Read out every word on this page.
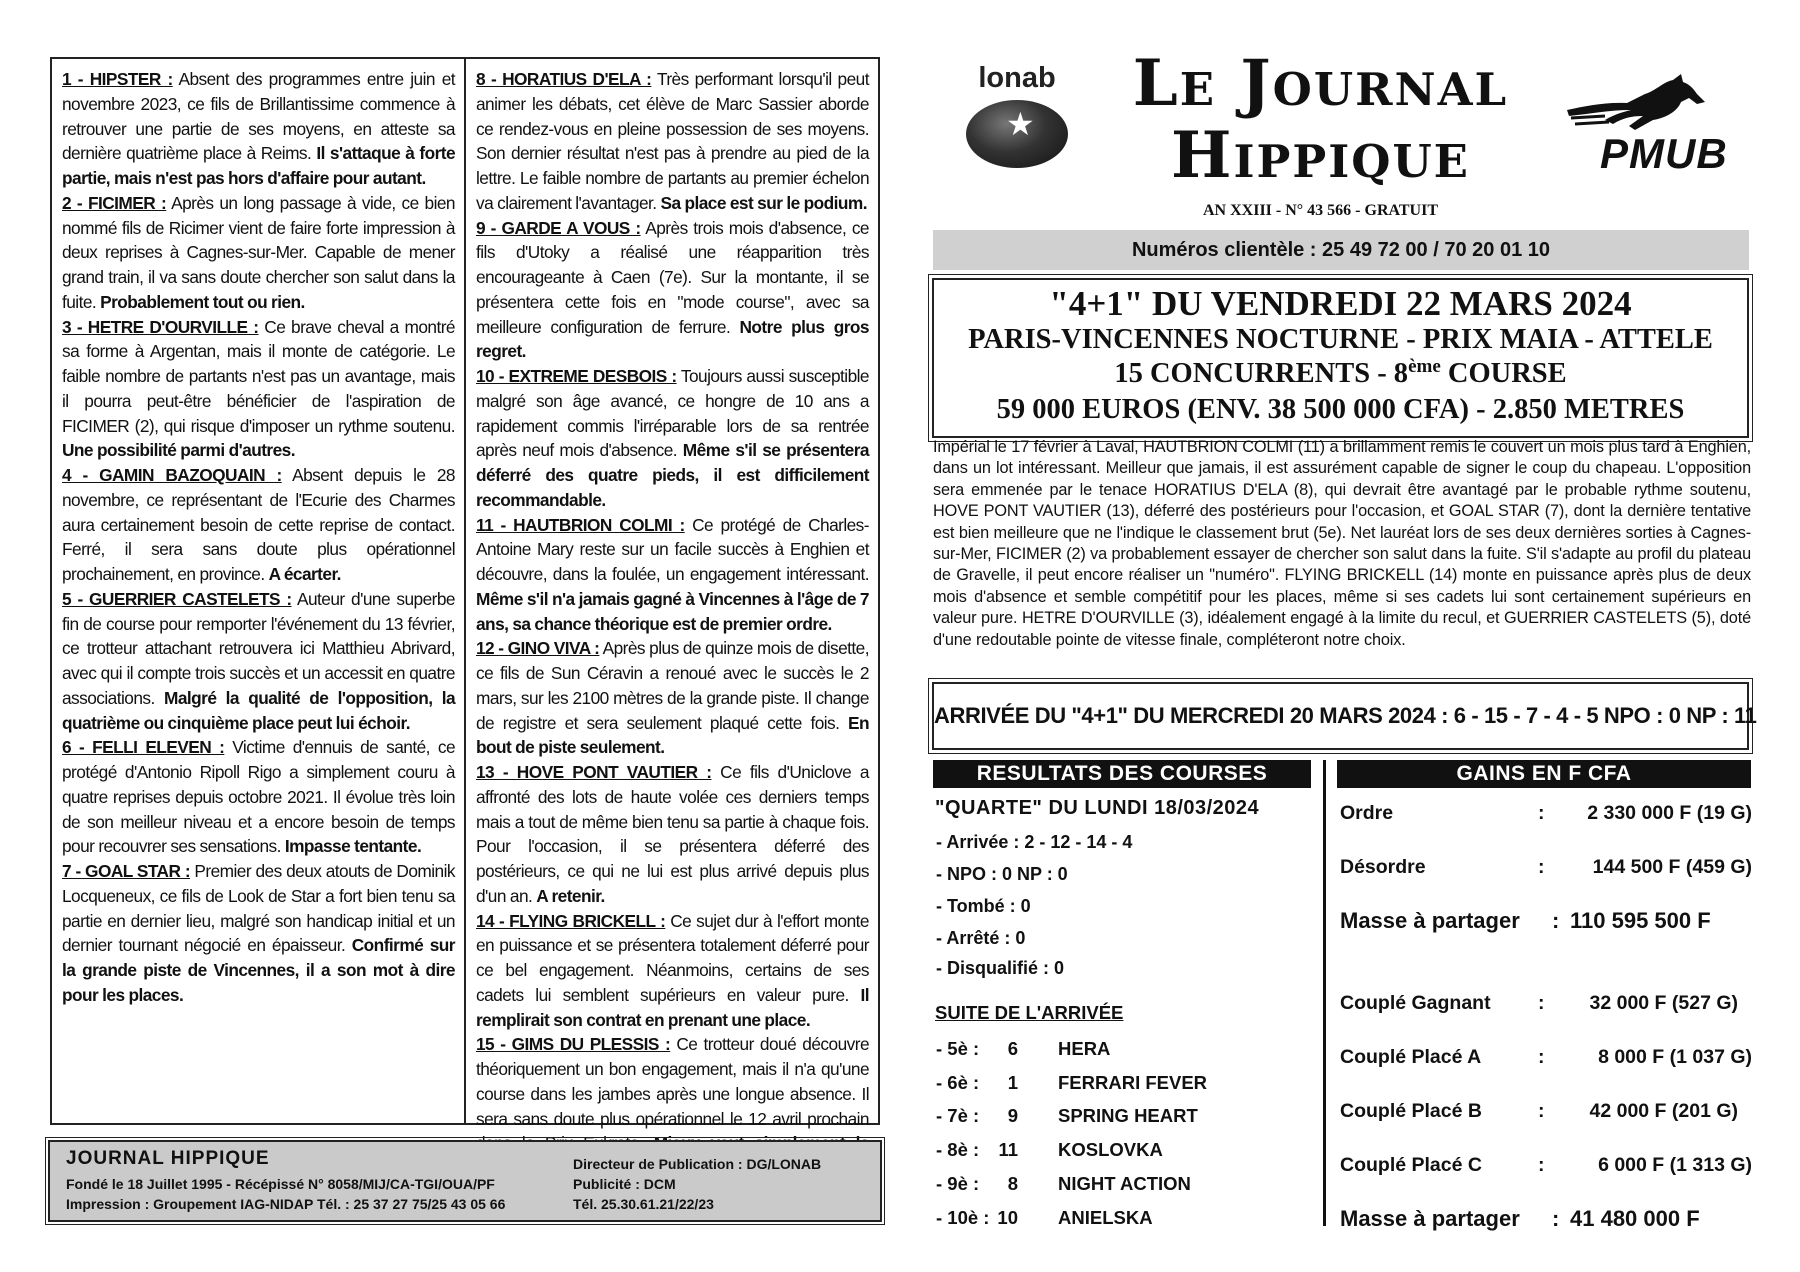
1 - HIPSTER : Absent des programmes entre juin et novembre 2023, ce fils de Brillantissime commence à retrouver une partie de ses moyens, en atteste sa dernière quatrième place à Reims. Il s'attaque à forte partie, mais n'est pas hors d'affaire pour autant.
2 - FICIMER : Après un long passage à vide, ce bien nommé fils de Ricimer vient de faire forte impression à deux reprises à Cagnes-sur-Mer. Capable de mener grand train, il va sans doute chercher son salut dans la fuite. Probablement tout ou rien.
3 - HETRE D'OURVILLE : Ce brave cheval a montré sa forme à Argentan, mais il monte de catégorie. Le faible nombre de partants n'est pas un avantage, mais il pourra peut-être bénéficier de l'aspiration de FICIMER (2), qui risque d'imposer un rythme soutenu. Une possibilité parmi d'autres.
4 - GAMIN BAZOQUAIN : Absent depuis le 28 novembre, ce représentant de l'Ecurie des Charmes aura certainement besoin de cette reprise de contact. Ferré, il sera sans doute plus opérationnel prochainement, en province. A écarter.
5 - GUERRIER CASTELETS : Auteur d'une superbe fin de course pour remporter l'événement du 13 février, ce trotteur attachant retrouvera ici Matthieu Abrivard, avec qui il compte trois succès et un accessit en quatre associations. Malgré la qualité de l'opposition, la quatrième ou cinquième place peut lui échoir.
6 - FELLI ELEVEN : Victime d'ennuis de santé, ce protégé d'Antonio Ripoll Rigo a simplement couru à quatre reprises depuis octobre 2021. Il évolue très loin de son meilleur niveau et a encore besoin de temps pour recouvrer ses sensations. Impasse tentante.
7 - GOAL STAR : Premier des deux atouts de Dominik Locqueneux, ce fils de Look de Star a fort bien tenu sa partie en dernier lieu, malgré son handicap initial et un dernier tournant négocié en épaisseur. Confirmé sur la grande piste de Vincennes, il a son mot à dire pour les places.
8 - HORATIUS D'ELA : Très performant lorsqu'il peut animer les débats, cet élève de Marc Sassier aborde ce rendez-vous en pleine possession de ses moyens. Son dernier résultat n'est pas à prendre au pied de la lettre. Le faible nombre de partants au premier échelon va clairement l'avantager. Sa place est sur le podium.
9 - GARDE A VOUS : Après trois mois d'absence, ce fils d'Utoky a réalisé une réapparition très encourageante à Caen (7e). Sur la montante, il se présentera cette fois en "mode course", avec sa meilleure configuration de ferrure. Notre plus gros regret.
10 - EXTREME DESBOIS : Toujours aussi susceptible malgré son âge avancé, ce hongre de 10 ans a rapidement commis l'irréparable lors de sa rentrée après neuf mois d'absence. Même s'il se présentera déferré des quatre pieds, il est difficilement recommandable.
11 - HAUTBRION COLMI : Ce protégé de Charles-Antoine Mary reste sur un facile succès à Enghien et découvre, dans la foulée, un engagement intéressant. Même s'il n'a jamais gagné à Vincennes à l'âge de 7 ans, sa chance théorique est de premier ordre.
12 - GINO VIVA : Après plus de quinze mois de disette, ce fils de Sun Céravin a renoué avec le succès le 2 mars, sur les 2100 mètres de la grande piste. Il change de registre et sera seulement plaqué cette fois. En bout de piste seulement.
13 - HOVE PONT VAUTIER : Ce fils d'Uniclove a affronté des lots de haute volée ces derniers temps mais a tout de même bien tenu sa partie à chaque fois. Pour l'occasion, il se présentera déferré des postérieurs, ce qui ne lui est plus arrivé depuis plus d'un an. A retenir.
14 - FLYING BRICKELL : Ce sujet dur à l'effort monte en puissance et se présentera totalement déferré pour ce bel engagement. Néanmoins, certains de ses cadets lui semblent supérieurs en valeur pure. Il remplirait son contrat en prenant une place.
15 - GIMS DU PLESSIS : Ce trotteur doué découvre théoriquement un bon engagement, mais il n'a qu'une course dans les jambes après une longue absence. Il sera sans doute plus opérationnel le 12 avril prochain
JOURNAL HIPPIQUE
Fondé le 18 Juillet 1995 - Récépissé N° 8058/MIJ/CA-TGI/OUA/PF
Impression : Groupement IAG-NIDAP Tél. : 25 37 27 75/25 43 05 66
Directeur de Publication : DG/LONAB
Publicité : DCM
Tél. 25.30.61.21/22/23
lonab
★
Le Journal
Hippique
AN XXIII - N° 43 566 - GRATUIT
PMUB
Numéros clientèle : 25 49 72 00 / 70 20 01 10
"4+1" DU VENDREDI 22 MARS 2024
PARIS-VINCENNES NOCTURNE - PRIX MAIA - ATTELE
15 CONCURRENTS - 8ème COURSE
59 000 EUROS (ENV. 38 500 000 CFA) - 2.850 METRES
Impérial le 17 février à Laval, HAUTBRION COLMI (11) a brillamment remis le couvert un mois plus tard à Enghien, dans un lot intéressant. Meilleur que jamais, il est assurément capable de signer le coup du chapeau. L'opposition sera emmenée par le tenace HORATIUS D'ELA (8), qui devrait être avantagé par le probable rythme soutenu, HOVE PONT VAUTIER (13), déferré des postérieurs pour l'occasion, et GOAL STAR (7), dont la dernière tentative est bien meilleure que ne l'indique le classement brut (5e). Net lauréat lors de ses deux dernières sorties à Cagnes-sur-Mer, FICIMER (2) va probablement essayer de chercher son salut dans la fuite. S'il s'adapte au profil du plateau de Gravelle, il peut encore réaliser un "numéro". FLYING BRICKELL (14) monte en puissance après plus de deux mois d'absence et semble compétitif pour les places, même si ses cadets lui sont certainement supérieurs en valeur pure. HETRE D'OURVILLE (3), idéalement engagé à la limite du recul, et GUERRIER CASTELETS (5), doté d'une redoutable pointe de vitesse finale, compléteront notre choix.
ARRIVÉE DU "4+1" DU MERCREDI 20 MARS 2024 : 6 - 15 - 7 - 4 - 5 NPO : 0 NP : 11
RESULTATS DES COURSES
"QUARTE" DU LUNDI 18/03/2024
- Arrivée : 2 - 12 - 14 - 4
- NPO : 0 NP : 0
- Tombé : 0
- Arrêté : 0
- Disqualifié : 0
SUITE DE L'ARRIVÉE
- 5è : 6 HERA
- 6è : 1 FERRARI FEVER
- 7è : 9 SPRING HEART
- 8è : 11 KOSLOVKA
- 9è : 8 NIGHT ACTION
- 10è : 10 ANIELSKA
GAINS EN F CFA
Ordre	: 2 330 000 F (19 G)
Désordre	: 144 500 F (459 G)
Masse à partager : 110 595 500 F
Couplé Gagnant : 32 000 F (527 G)
Couplé Placé A	:	8 000 F (1 037 G)
Couplé Placé B	: 42 000 F (201 G)
Couplé Placé C	:	6 000 F (1 313 G)
Masse à partager : 41 480 000 F
